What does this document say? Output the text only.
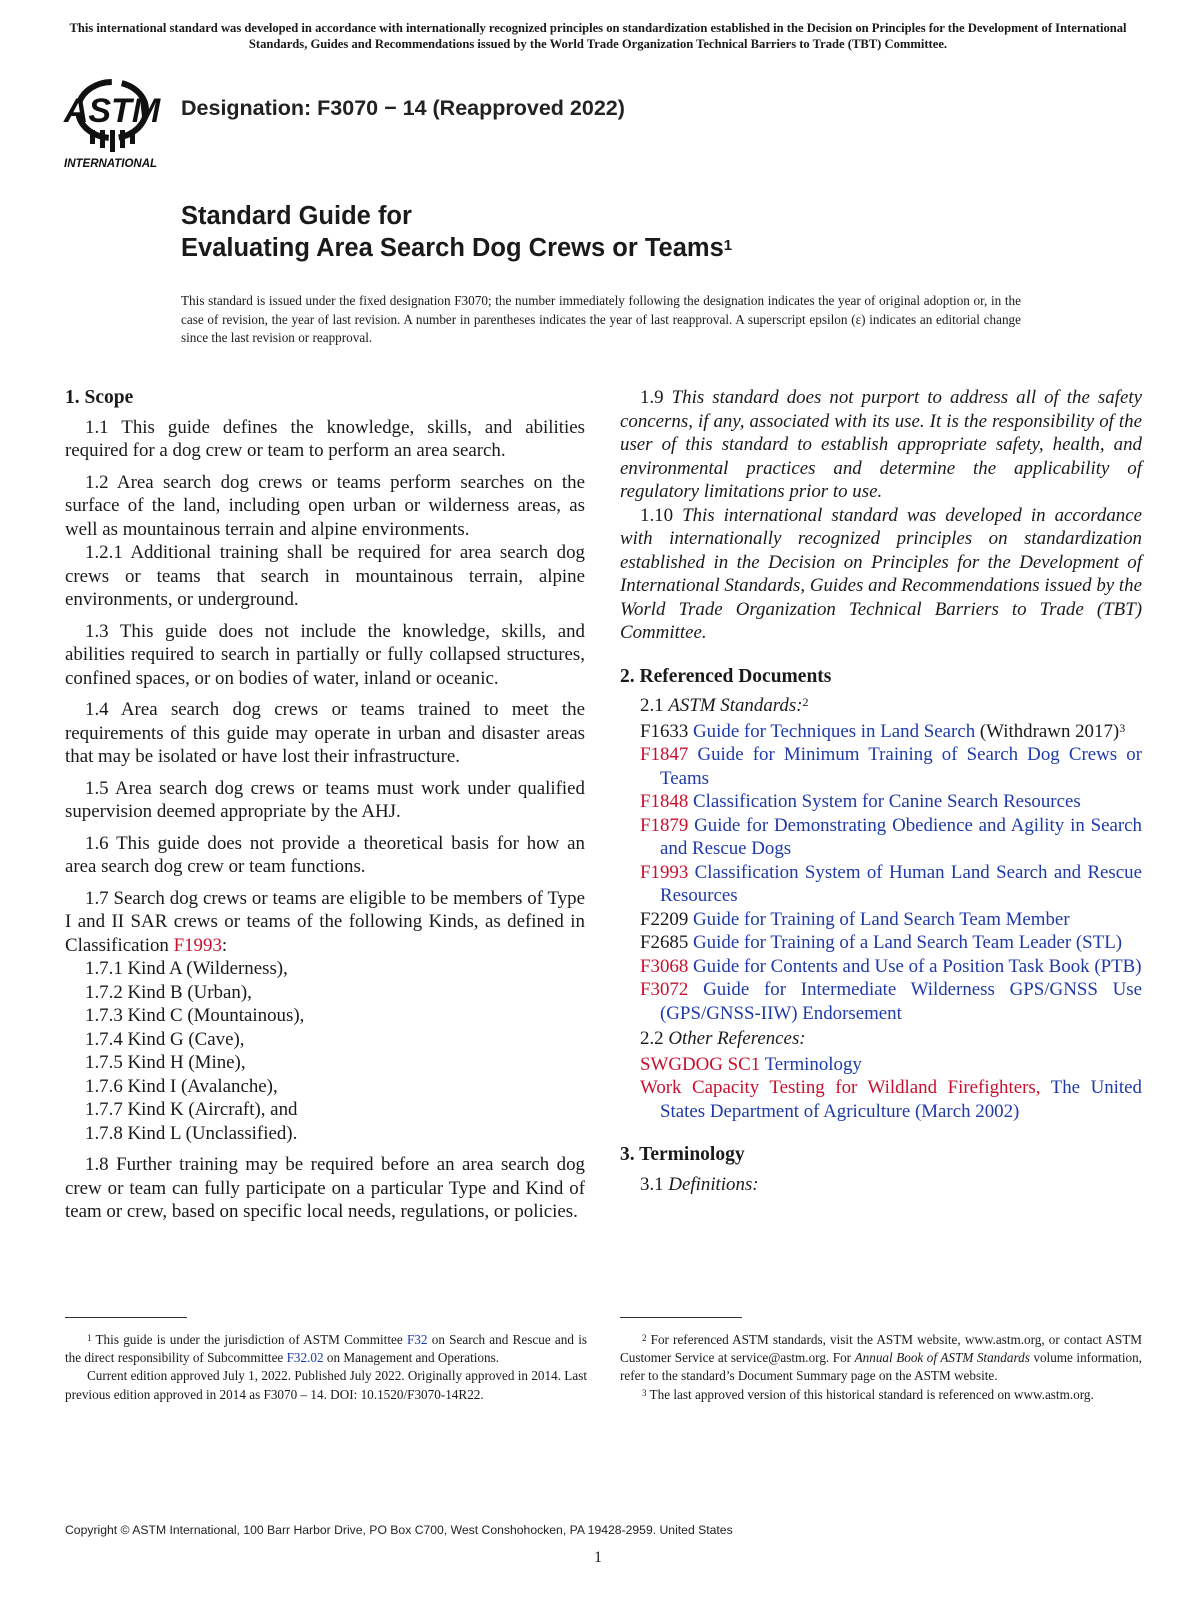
This international standard was developed in accordance with internationally recognized principles on standardization established in the Decision on Principles for the Development of International Standards, Guides and Recommendations issued by the World Trade Organization Technical Barriers to Trade (TBT) Committee.
ASTM
INTERNATIONAL
Designation: F3070 − 14 (Reapproved 2022)
Standard Guide for
Evaluating Area Search Dog Crews or Teams$^1$
This standard is issued under the fixed designation F3070; the number immediately following the designation indicates the year of original adoption or, in the case of revision, the year of last revision. A number in parentheses indicates the year of last reapproval. A superscript epsilon (ε) indicates an editorial change since the last revision or reapproval.
1. Scope

1.1 This guide defines the knowledge, skills, and abilities required for a dog crew or team to perform an area search.

1.2 Area search dog crews or teams perform searches on the surface of the land, including open urban or wilderness areas, as well as mountainous terrain and alpine environments.

1.2.1 Additional training shall be required for area search dog crews or teams that search in mountainous terrain, alpine environments, or underground.

1.3 This guide does not include the knowledge, skills, and abilities required to search in partially or fully collapsed structures, confined spaces, or on bodies of water, inland or oceanic.

1.4 Area search dog crews or teams trained to meet the requirements of this guide may operate in urban and disaster areas that may be isolated or have lost their infrastructure.

1.5 Area search dog crews or teams must work under qualified supervision deemed appropriate by the AHJ.

1.6 This guide does not provide a theoretical basis for how an area search dog crew or team functions.

1.7 Search dog crews or teams are eligible to be members of Type I and II SAR crews or teams of the following Kinds, as defined in Classification F1993:

1.7.1 Kind A (Wilderness),
1.7.2 Kind B (Urban),
1.7.3 Kind C (Mountainous),
1.7.4 Kind G (Cave),
1.7.5 Kind H (Mine),
1.7.6 Kind I (Avalanche),
1.7.7 Kind K (Aircraft), and
1.7.8 Kind L (Unclassified).

1.8 Further training may be required before an area search dog crew or team can fully participate on a particular Type and Kind of team or crew, based on specific local needs, regulations, or policies.

1.9 This standard does not purport to address all of the safety concerns, if any, associated with its use. It is the responsibility of the user of this standard to establish appropriate safety, health, and environmental practices and determine the applicability of regulatory limitations prior to use.

1.10 This international standard was developed in accordance with internationally recognized principles on standardization established in the Decision on Principles for the Development of International Standards, Guides and Recommendations issued by the World Trade Organization Technical Barriers to Trade (TBT) Committee.

2. Referenced Documents
2.1 ASTM Standards:$^2$
F1633 Guide for Techniques in Land Search (Withdrawn 2017)$^3$
F1847 Guide for Minimum Training of Search Dog Crews or Teams
F1848 Classification System for Canine Search Resources
F1879 Guide for Demonstrating Obedience and Agility in Search and Rescue Dogs
F1993 Classification System of Human Land Search and Rescue Resources
F2209 Guide for Training of Land Search Team Member
F2685 Guide for Training of a Land Search Team Leader (STL)
F3068 Guide for Contents and Use of a Position Task Book (PTB)
F3072 Guide for Intermediate Wilderness GPS/GNSS Use (GPS/GNSS-IIW) Endorsement
2.2 Other References:
SWGDOG SC1 Terminology
Work Capacity Testing for Wildland Firefighters, The United States Department of Agriculture (March 2002)
3. Terminology
3.1 Definitions:

$^1$ This guide is under the jurisdiction of ASTM Committee F32 on Search and Rescue and is the direct responsibility of Subcommittee F32.02 on Management and Operations.

Current edition approved July 1, 2022. Published July 2022. Originally approved in 2014. Last previous edition approved in 2014 as F3070 – 14. DOI: 10.1520/F3070-14R22.

$^2$ For referenced ASTM standards, visit the ASTM website, www.astm.org, or contact ASTM Customer Service at service@astm.org. For Annual Book of ASTM Standards volume information, refer to the standard’s Document Summary page on the ASTM website.

$^3$ The last approved version of this historical standard is referenced on www.astm.org.

Copyright © ASTM International, 100 Barr Harbor Drive, PO Box C700, West Conshohocken, PA 19428-2959. United States
1
